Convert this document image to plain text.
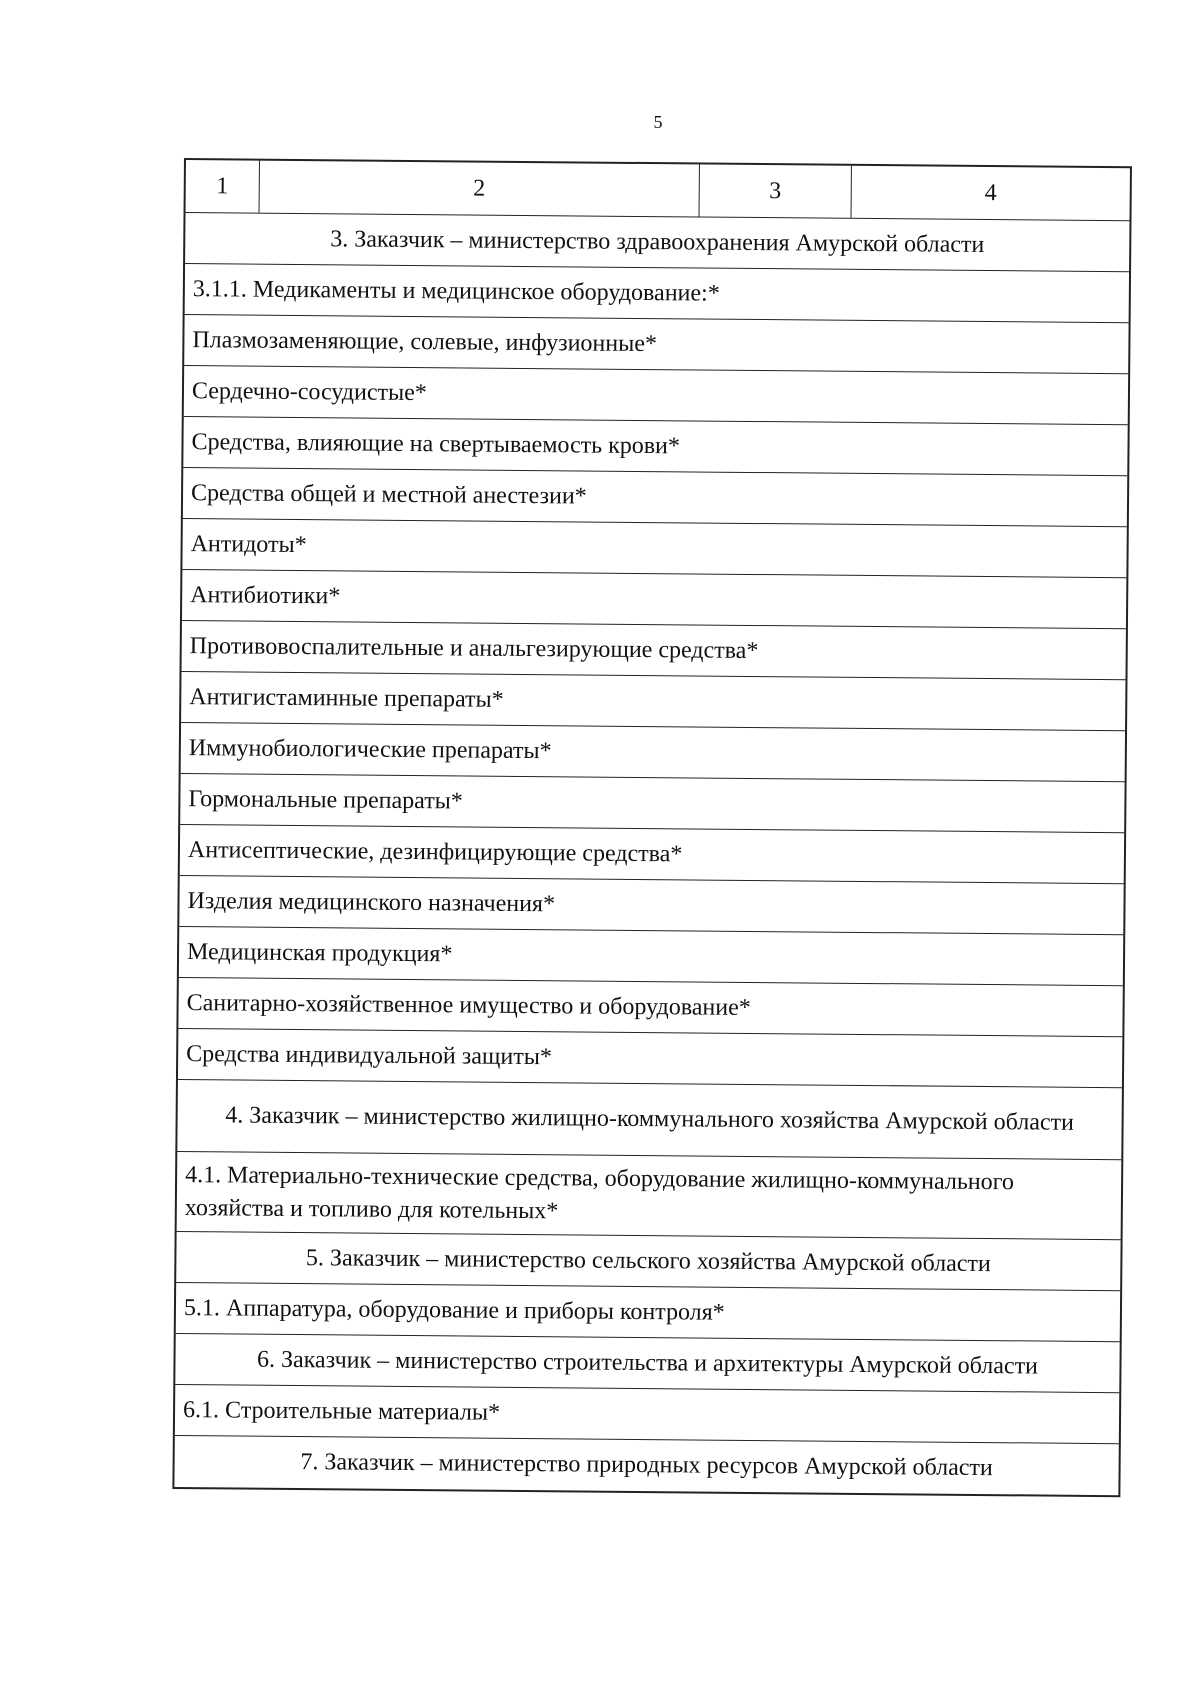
5
1	2	3	4
3. Заказчик – министерство здравоохранения Амурской области
3.1.1. Медикаменты и медицинское оборудование:*
Плазмозаменяющие, солевые, инфузионные*
Сердечно-сосудистые*
Средства, влияющие на свертываемость крови*
Средства общей и местной анестезии*
Антидоты*
Антибиотики*
Противовоспалительные и анальгезирующие средства*
Антигистаминные препараты*
Иммунобиологические препараты*
Гормональные препараты*
Антисептические, дезинфицирующие средства*
Изделия медицинского назначения*
Медицинская продукция*
Санитарно-хозяйственное имущество и оборудование*
Средства индивидуальной защиты*
4. Заказчик – министерство жилищно-коммунального хозяйства Амурской области
4.1. Материально-технические средства, оборудование жилищно-коммунального хозяйства и топливо для котельных*
5. Заказчик – министерство сельского хозяйства Амурской области
5.1. Аппаратура, оборудование и приборы контроля*
6. Заказчик – министерство строительства и архитектуры Амурской области
6.1. Строительные материалы*
7. Заказчик – министерство природных ресурсов Амурской области
